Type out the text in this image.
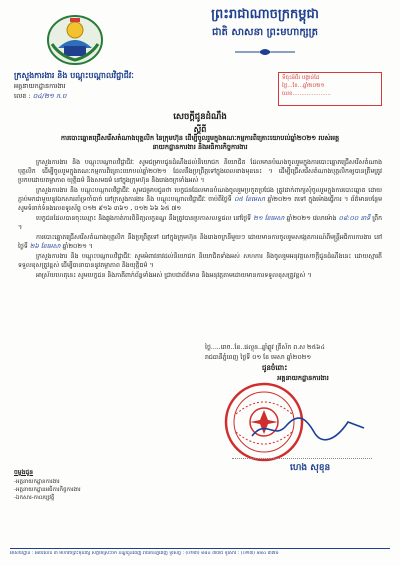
ព្រះរាជាណាចក្រកម្ពុជា
ជាតិ សាសនា ព្រះមហាក្សត្រ
ក្រសួងការងារ និង បណ្តុះបណ្តាលវិជ្ជាជីវៈ
អគ្គនាយកដ្ឋានការងារ
លេខ : ០៤/២១ ក.ប
ទីចុះអំពីរ បង្កាន់ដៃ
ថ្ងៃ...ខែ...ឆ្នាំ២០២១
លេខ......................
សេចក្តីជូនដំណឹង
ស្តីពី
ការបោះឆ្នោតជ្រើសរើសតំណាងបុគ្គលិក នៃក្រុមហ៊ុន ដើម្បីចូលរួមក្នុងគណៈកម្មការពិគ្រោះយោបល់ឆ្នាំ២០២១ របស់អគ្គនាយកដ្ឋានការងារ និងអធិការកិច្ចការងារ

ក្រសួងការងារ និង បណ្តុះបណ្តាលវិជ្ជាជីវៈ សូមជម្រាបជូនដំណឹងដល់និយោជក និយោជិត ដែលមានបំណងចូលរួមក្នុងការបោះឆ្នោតជ្រើសរើសតំណាងបុគ្គលិក ដើម្បីចូលរួមក្នុងគណៈកម្មការពិគ្រោះយោបល់ឆ្នាំ២០២១ ដែលនឹងប្រព្រឹត្តទៅក្នុងពេលខាងមុខនេះ ។ ដើម្បីជ្រើសរើសតំណាងបុគ្គលិកឲ្យបានត្រឹមត្រូវ ប្រកបដោយតម្លាភាព យុត្តិធម៌ និងសមធម៌ នៅក្នុងក្រុមហ៊ុន និងរោងចក្រទាំងអស់ ។

ក្រសួងការងារ និង បណ្តុះបណ្តាលវិជ្ជាជីវៈ សូមជម្រាបជូនថា បេក្ខជនដែលមានបំណងចូលរួមប្រកួតប្រជែង ត្រូវដាក់ពាក្យសុំចូលរួមក្នុងការបោះឆ្នោត ដោយភ្ជាប់មកជាមួយនូវឯកសារគាំទ្រចាំបាច់ នៅក្រសួងការងារ និង បណ្តុះបណ្តាលវិជ្ជាជីវៈ ចាប់ពីថ្ងៃទី ០៥ ខែមេសា ឆ្នាំ២០២១ តទៅ ក្នុងម៉ោងធ្វើការ ។ ព័ត៌មានបន្ថែម សូមទំនាក់ទំនងលេខទូរស័ព្ទ ០១២ ៩១៦ ៣៦១ , ០១២ ៦៦ ៦៥ ៧១

បេក្ខជនដែលបានចុះឈ្មោះ និងឆ្លងកាត់ការពិនិត្យលក្ខខណ្ឌ នឹងត្រូវបានប្រកាសលទ្ធផល នៅថ្ងៃទី ២១ ខែមេសា ឆ្នាំ២០២១ វេលាម៉ោង ០៨:០០ នាទី ព្រឹក ។

ការបោះឆ្នោតជ្រើសរើសតំណាងបុគ្គលិក នឹងប្រព្រឹត្តទៅ នៅក្នុងក្រុមហ៊ុន និងរោងចក្រនីមួយៗ ដោយមានការចូលរួមសង្កេតការណ៍ពីមន្ត្រីអធិការការងារ នៅថ្ងៃទី ២៦ ខែមេសា ឆ្នាំ២០២១ ។

ក្រសួងការងារ និង បណ្តុះបណ្តាលវិជ្ជាជីវៈ សូមអំពាវនាវដល់និយោជក និយោជិតទាំងអស់ សហការ និងចូលរួមអនុវត្តសេចក្តីជូនដំណឹងនេះ ដោយស្មារតីទទួលខុសត្រូវខ្ពស់ ដើម្បីធានាបាននូវតម្លាភាព និងយុត្តិធម៌ ។

អាស្រ័យហេតុនេះ សូមបេក្ខជន និងភាគីពាក់ព័ន្ធទាំងអស់ ជ្រាបជាព័ត៌មាន និងអនុវត្តតាមដោយមានការទទួលខុសត្រូវខ្ពស់ ។

ថ្ងៃ.....រោច..ខែ..ផល្គុន..ឆ្នាំឆ្លូវ ត្រីស័ក ព.ស ២៥៦៤
រាជធានីភ្នំពេញ ថ្ងៃទី ០១ ខែ មេសា ឆ្នាំ២០២១
ជូនចំពោះ
អគ្គនាយកដ្ឋានការងារ
ហេង សុខុន
ចម្លងជូន
-អគ្គនាយកដ្ឋានការងារ
-អគ្គនាយកដ្ឋានអធិការកិច្ចការងារ
-ឯកសារ-កាលប្បវត្តិ
អាសយដ្ឋាន : អគារលេខ ៣ មហាវិថីព្រះមុនីវង្ស សង្កាត់ស្រះចក ខណ្ឌដូនពេញ រាជធានីភ្នំពេញ ទូរស័ព្ទ : (០២៣) ៨៨៤ ៣៧៥ ទូរសារ : (០២៣) ៨៨៤ ៣៧៦
